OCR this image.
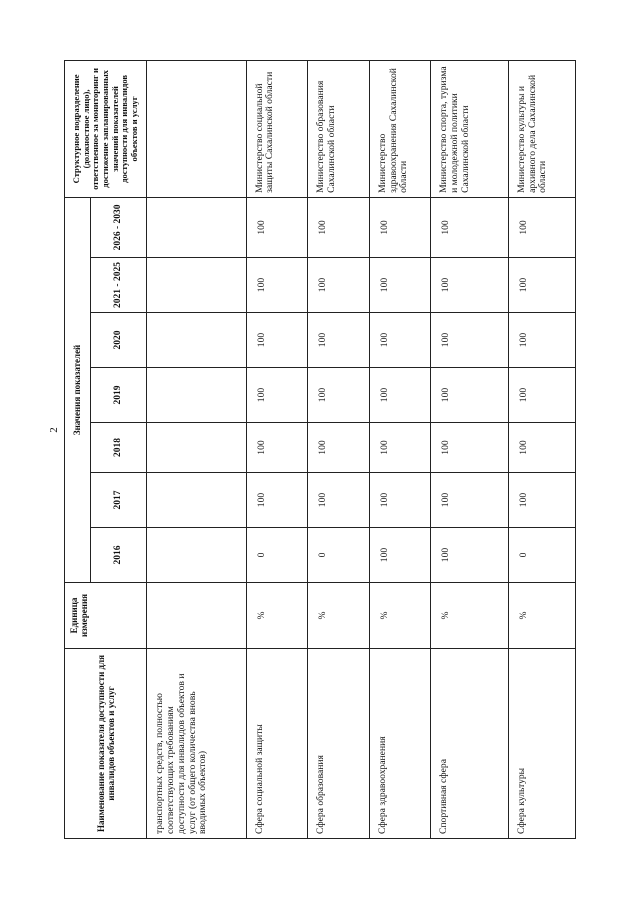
2
Наименование показателя доступности для инвалидов объектов и услуг	Единица измерения	Значения показателей							Структурное подразделение (должностное лицо), ответственное за мониторинг и достижение запланированных значений показателей доступности для инвалидов объектов и услуг
		2016	2017	2018	2019	2020	2021 - 2025	2026 - 2030	
транспортных средств, полностью соответствующих требованиям доступности для инвалидов объектов и услуг (от общего количества вновь вводимых объектов)									
Сфера социальной защиты	%	0	100	100	100	100	100	100	Министерство социальной защиты Сахалинской области
Сфера образования	%	0	100	100	100	100	100	100	Министерство образования Сахалинской области
Сфера здравоохранения	%	100	100	100	100	100	100	100	Министерство здравоохранения Сахалинской области
Спортивная сфера	%	100	100	100	100	100	100	100	Министерство спорта, туризма и молодежной политики Сахалинской области
Сфера культуры	%	0	100	100	100	100	100	100	Министерство культуры и архивного дела Сахалинской области
